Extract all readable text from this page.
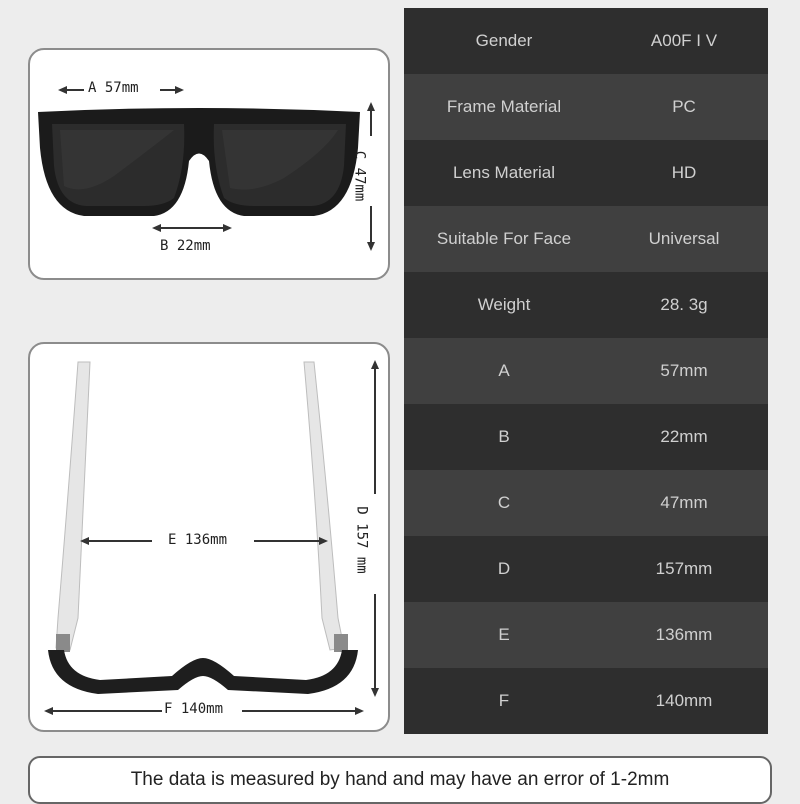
A 57mm
B 22mm
C 47mm
E 136mm	D 157 mm
F 140mm
Gender	A00F I V
Frame Material	PC
Lens Material	HD
Suitable For Face	Universal
Weight	28. 3g
A	57mm
B	22mm
C	47mm
D	157mm
E	136mm
F	140mm
The data is measured by hand and may have an error of 1-2mm
